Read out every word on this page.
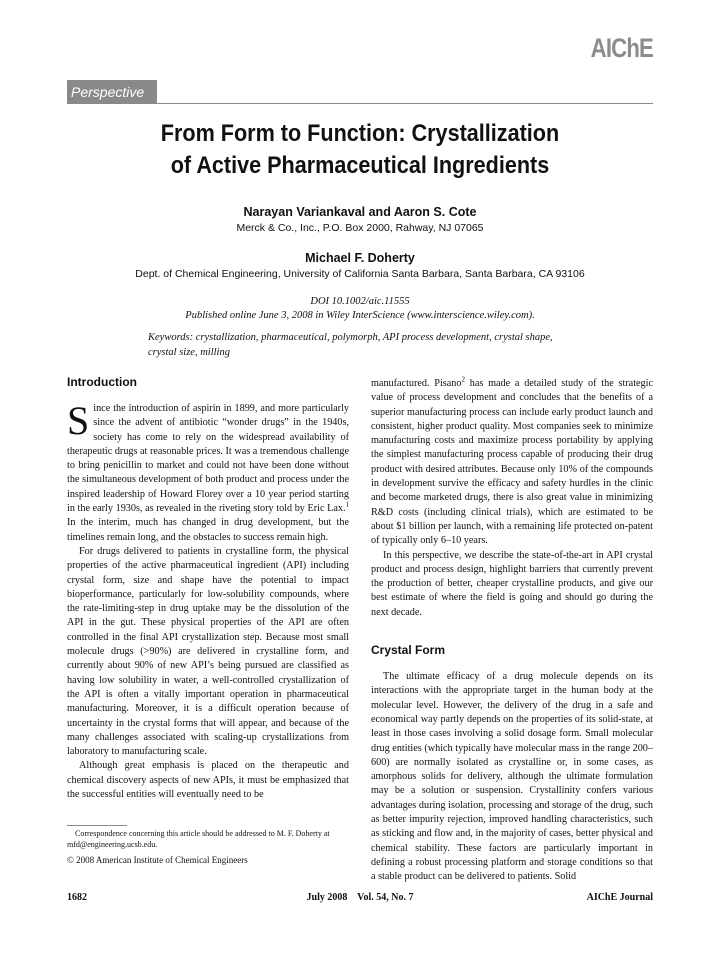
AIChE
Perspective
From Form to Function: Crystallization
of Active Pharmaceutical Ingredients
Narayan Variankaval and Aaron S. Cote
Merck & Co., Inc., P.O. Box 2000, Rahway, NJ 07065
Michael F. Doherty
Dept. of Chemical Engineering, University of California Santa Barbara, Santa Barbara, CA 93106
DOI 10.1002/aic.11555
Published online June 3, 2008 in Wiley InterScience (www.interscience.wiley.com).
Keywords: crystallization, pharmaceutical, polymorph, API process development, crystal shape, crystal size, milling
Introduction

Since the introduction of aspirin in 1899, and more particularly since the advent of antibiotic “wonder drugs” in the 1940s, society has come to rely on the widespread availability of therapeutic drugs at reasonable prices. It was a tremendous challenge to bring penicillin to market and could not have been done without the simultaneous development of both product and process under the inspired leadership of Howard Florey over a 10 year period starting in the early 1930s, as revealed in the riveting story told by Eric Lax.$^1$ In the interim, much has changed in drug development, but the timelines remain long, and the obstacles to success remain high.

For drugs delivered to patients in crystalline form, the physical properties of the active pharmaceutical ingredient (API) including crystal form, size and shape have the potential to impact bioperformance, particularly for low-solubility compounds, where the rate-limiting-step in drug uptake may be the dissolution of the API in the gut. These physical properties of the API are often controlled in the final API crystallization step. Because most small molecule drugs (>90%) are delivered in crystalline form, and currently about 90% of new API’s being pursued are classified as having low solubility in water, a well-controlled crystallization of the API is often a vitally important operation in pharmaceutical manufacturing. Moreover, it is a difficult operation because of uncertainty in the crystal forms that will appear, and because of the many challenges associated with scaling-up crystallizations from laboratory to manufacturing scale.

Although great emphasis is placed on the therapeutic and chemical discovery aspects of new APIs, it must be emphasized that the successful entities will eventually need to be

Correspondence concerning this article should be addressed to M. F. Doherty at mfd@engineering.ucsb.edu.
© 2008 American Institute of Chemical Engineers

manufactured. Pisano$^2$ has made a detailed study of the strategic value of process development and concludes that the benefits of a superior manufacturing process can include early product launch and consistent, higher product quality. Most companies seek to minimize manufacturing costs and maximize process portability by applying the simplest manufacturing process capable of producing their drug product with desired attributes. Because only 10% of the compounds in development survive the efficacy and safety hurdles in the clinic and become marketed drugs, there is also great value in minimizing R&D costs (including clinical trials), which are estimated to be about $1 billion per launch, with a remaining life protected on-patent of typically only 6–10 years.

In this perspective, we describe the state-of-the-art in API crystal product and process design, highlight barriers that currently prevent the production of better, cheaper crystalline products, and give our best estimate of where the field is going and should go during the next decade.

Crystal Form

The ultimate efficacy of a drug molecule depends on its interactions with the appropriate target in the human body at the molecular level. However, the delivery of the drug in a safe and economical way partly depends on the properties of its solid-state, at least in those cases involving a solid dosage form. Small molecular drug entities (which typically have molecular mass in the range 200–600) are normally isolated as crystalline or, in some cases, as amorphous solids for delivery, although the ultimate formulation may be a solution or suspension. Crystallinity confers various advantages during isolation, processing and storage of the drug, such as better impurity rejection, improved handling characteristics, such as sticking and flow and, in the majority of cases, better physical and chemical stability. These factors are particularly important in defining a robust processing platform and storage conditions so that a stable product can be delivered to patients. Solid

1682	July 2008    Vol. 54, No. 7	AIChE Journal
